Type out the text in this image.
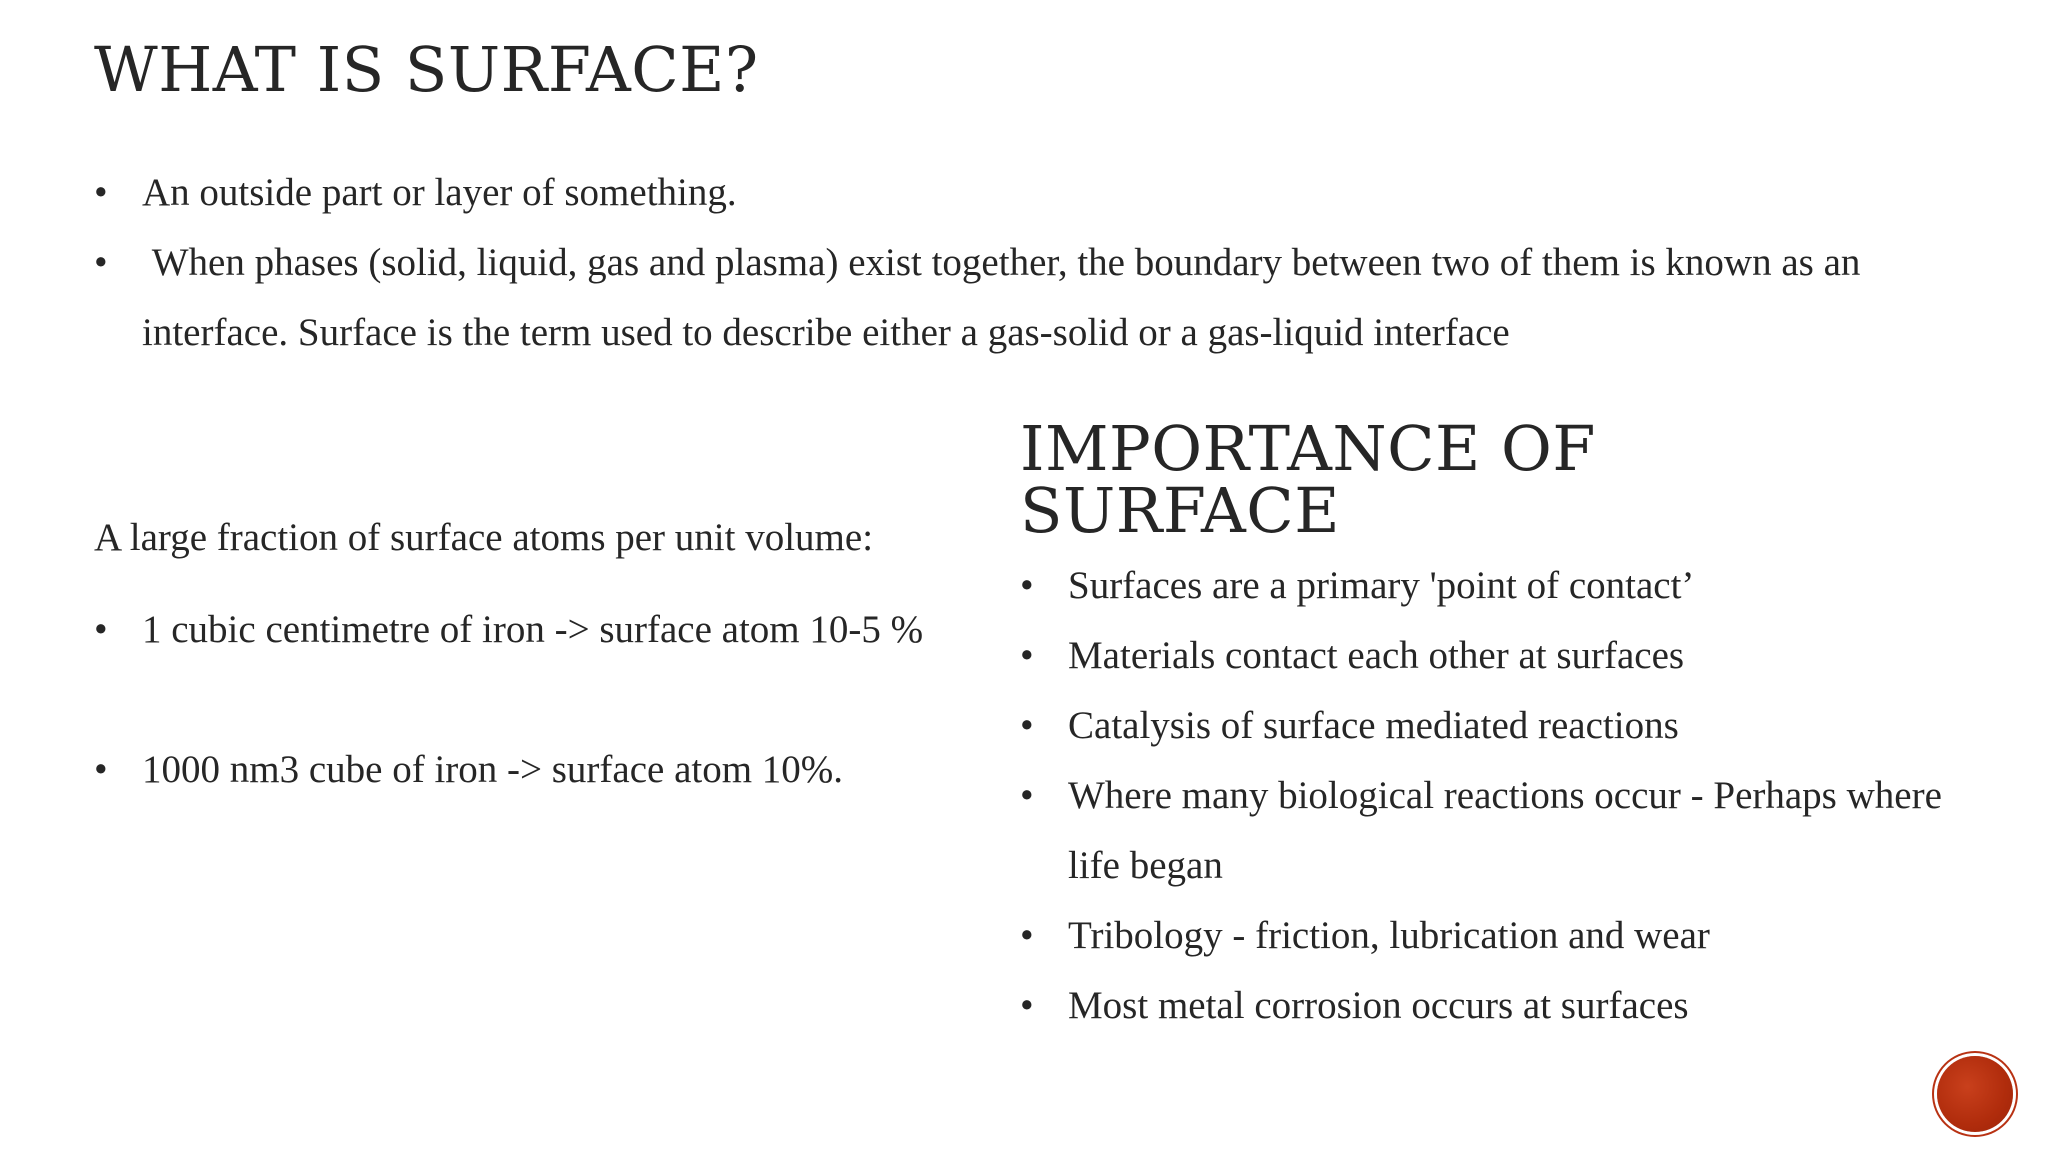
WHAT IS SURFACE?
• An outside part or layer of something.
• When phases (solid, liquid, gas and plasma) exist together, the boundary between two of them is known as an interface. Surface is the term used to describe either a gas-solid or a gas-liquid interface

A large fraction of surface atoms per unit volume:

• 1 cubic centimetre of iron -> surface atom 10-5 %
• 1000 nm3 cube of iron -> surface atom 10%.
IMPORTANCE OF SURFACE
• Surfaces are a primary 'point of contact’
• Materials contact each other at surfaces
• Catalysis of surface mediated reactions
• Where many biological reactions occur - Perhaps where life began
• Tribology - friction, lubrication and wear
• Most metal corrosion occurs at surfaces
